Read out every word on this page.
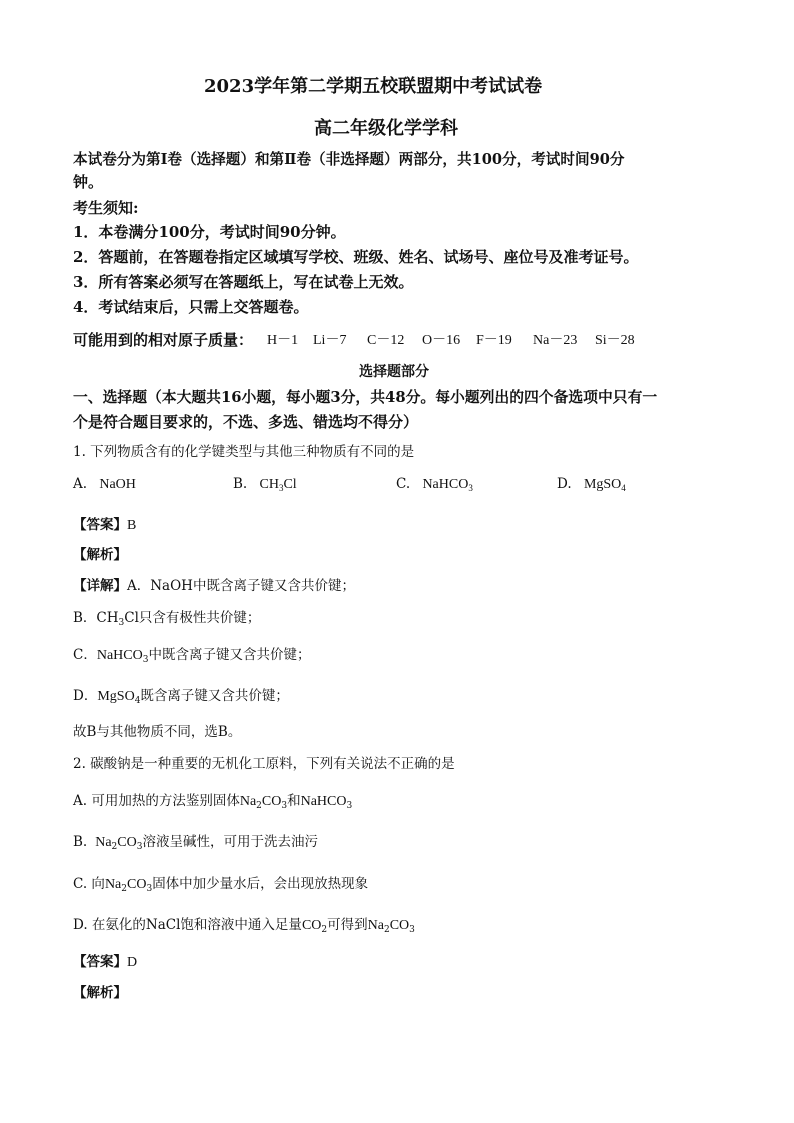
2023学年第二学期五校联盟期中考试试卷
高二年级化学学科
本试卷分为第Ⅰ卷（选择题）和第Ⅱ卷（非选择题）两部分，共100分，考试时间90分
钟。
考生须知:
1．本卷满分100分，考试时间90分钟。
2．答题前，在答题卷指定区域填写学校、班级、姓名、试场号、座位号及准考证号。
3．所有答案必须写在答题纸上，写在试卷上无效。
4．考试结束后，只需上交答题卷。
可能用到的相对原子质量： H－1 Li－7 C－12 O－16 F－19 Na－23 Si－28
选择题部分
一、选择题（本大题共16小题，每小题3分，共48分。每小题列出的四个备选项中只有一
个是符合题目要求的，不选、多选、错选均不得分）
1. 下列物质含有的化学键类型与其他三种物质有不同的是
A. NaOH	B. $CH_3Cl$	C. NaHCO$_3$	D. MgSO$_4$
【答案】B
【解析】
【详解】A．NaOH中既含离子键又含共价键；
B．$CH_3Cl$只含有极性共价键；
C．NaHCO$_3$中既含离子键又含共价键；
D．MgSO$_4$既含离子键又含共价键；
故B与其他物质不同，选B。
2. 碳酸钠是一种重要的无机化工原料，下列有关说法不正确的是
A. 可用加热的方法鉴别固体$Na_2CO_3$和NaHCO$_3$
B. $Na_2CO_3$溶液呈碱性，可用于洗去油污
C. 向$Na_2CO_3$固体中加少量水后，会出现放热现象
D. 在氨化的NaCl饱和溶液中通入足量$CO_2$可得到$Na_2CO_3$
【答案】D
【解析】
